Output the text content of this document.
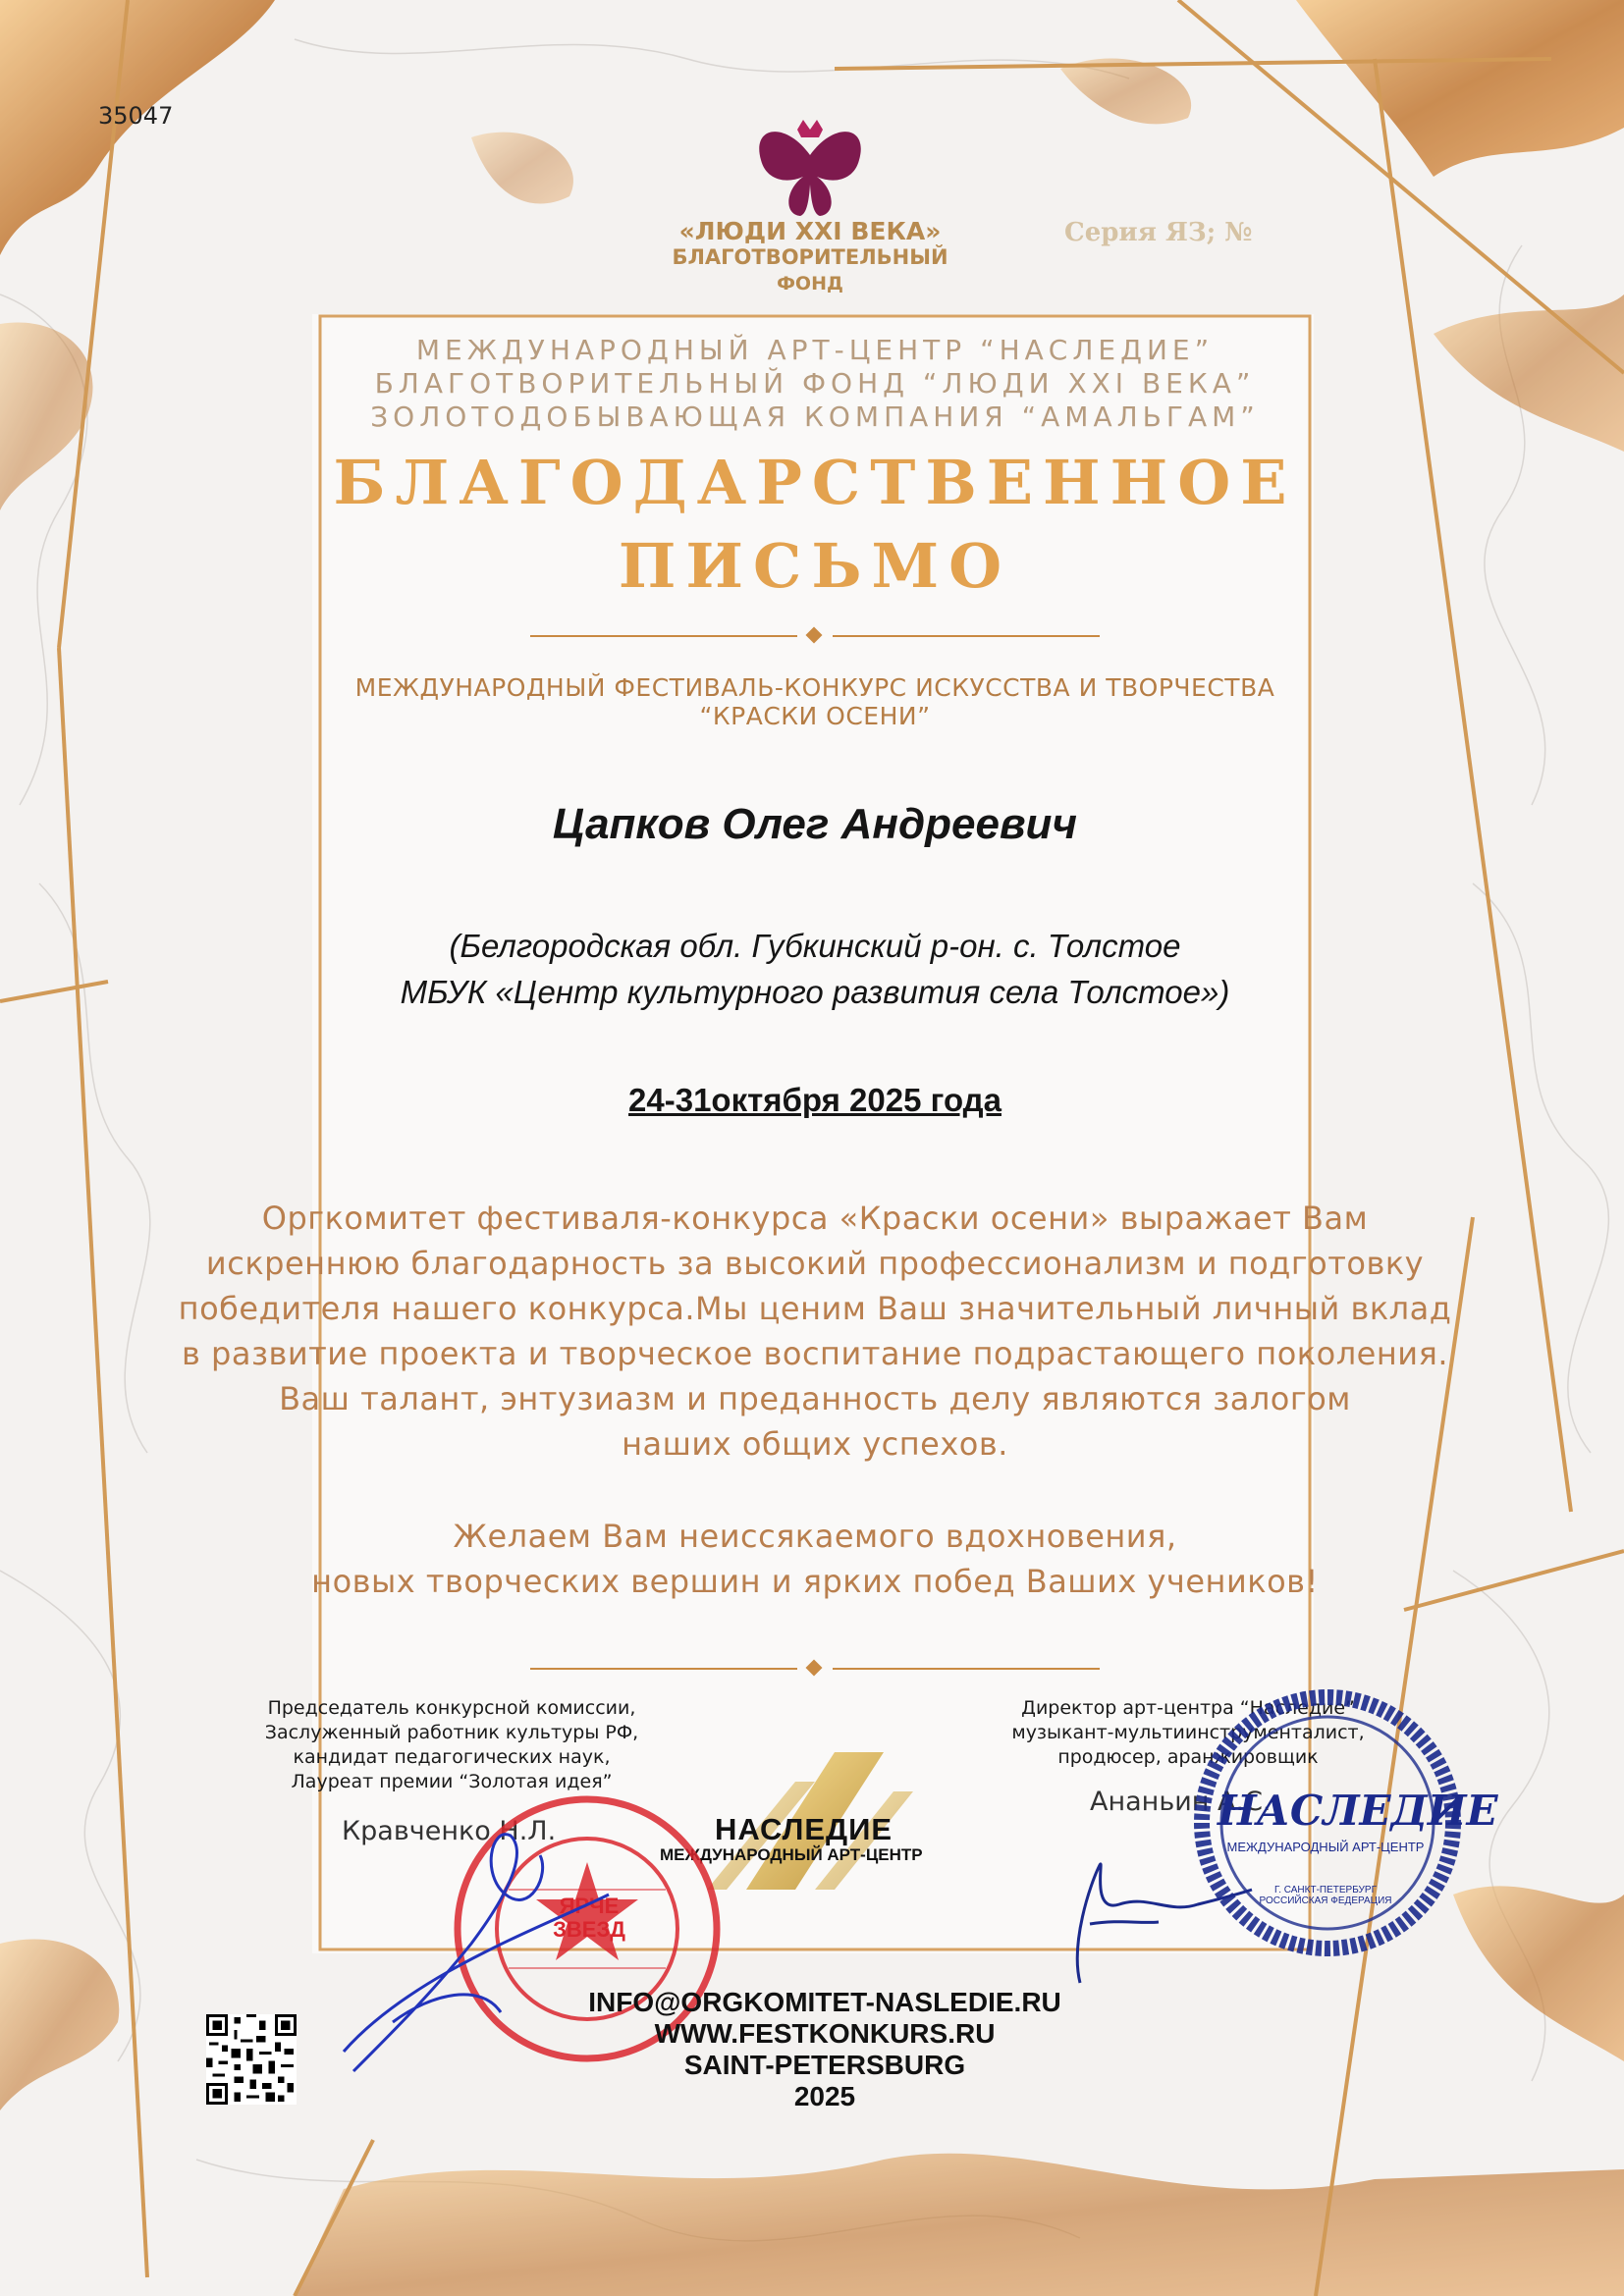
35047
«ЛЮДИ XXI ВЕКА»
БЛАГОТВОРИТЕЛЬНЫЙ
ФОНД
Серия ЯЗ; №
МЕЖДУНАРОДНЫЙ АРТ-ЦЕНТР “НАСЛЕДИЕ”
БЛАГОТВОРИТЕЛЬНЫЙ ФОНД “ЛЮДИ XXI ВЕКА”
ЗОЛОТОДОБЫВАЮЩАЯ КОМПАНИЯ “АМАЛЬГАМ”
БЛАГОДАРСТВЕННОЕ
ПИСЬМО
МЕЖДУНАРОДНЫЙ ФЕСТИВАЛЬ-КОНКУРС ИСКУССТВА И ТВОРЧЕСТВА “КРАСКИ ОСЕНИ”
Цапков Олег Андреевич
(Белгородская обл. Губкинский р-он. с. Толстое
МБУК «Центр культурного развития села Толстое»)
24-31октября 2025 года
Оргкомитет фестиваля-конкурса «Краски осени» выражает Вам
искреннюю благодарность за высокий профессионализм и подготовку
победителя нашего конкурса.Мы ценим Ваш значительный личный вклад
в развитие проекта и творческое воспитание подрастающего поколения.
Ваш талант, энтузиазм и преданность делу являются залогом
наших общих успехов.
Желаем Вам неиссякаемого вдохновения,
новых творческих вершин и ярких побед Ваших учеников!
Председатель конкурсной комиссии,
Заслуженный работник культуры РФ,
кандидат педагогических наук,
Лауреат премии “Золотая идея”
Кравченко Н.Л.
Директор арт-центра “Наследие”
музыкант-мультиинструменталист,
продюсер, аранжировщик
Ананьин А.С.
НАСЛЕДИЕ
МЕЖДУНАРОДНЫЙ АРТ-ЦЕНТР
ЯРЧЕ ЗВЕЗД
НАСЛЕДИЕ
МЕЖДУНАРОДНЫЙ АРТ-ЦЕНТР
Г. САНКТ-ПЕТЕРБУРГ РОССИЙСКАЯ ФЕДЕРАЦИЯ
INFO@ORGKOMITET-NASLEDIE.RU
WWW.FESTKONKURS.RU
SAINT-PETERSBURG
2025
